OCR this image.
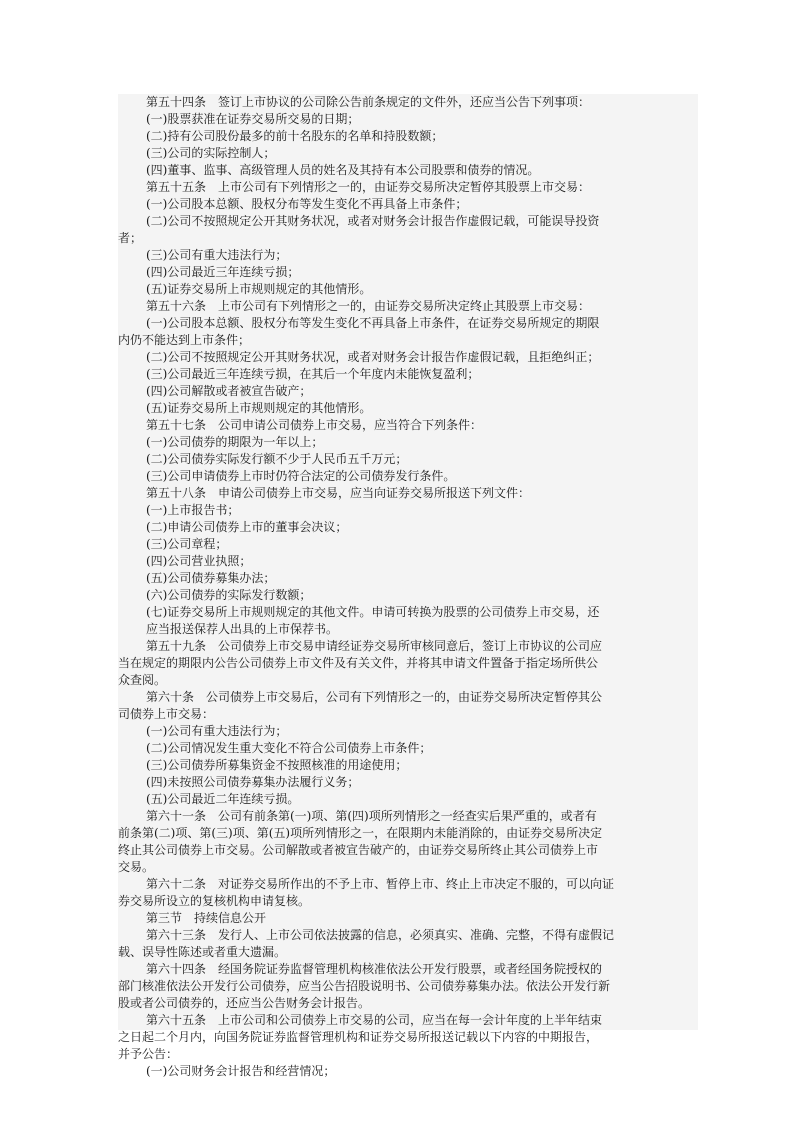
第五十四条　签订上市协议的公司除公告前条规定的文件外，还应当公告下列事项：
(一)股票获准在证券交易所交易的日期；
(二)持有公司股份最多的前十名股东的名单和持股数额；
(三)公司的实际控制人；
(四)董事、监事、高级管理人员的姓名及其持有本公司股票和债券的情况。
第五十五条　上市公司有下列情形之一的，由证券交易所决定暂停其股票上市交易：
(一)公司股本总额、股权分布等发生变化不再具备上市条件；
(二)公司不按照规定公开其财务状况，或者对财务会计报告作虚假记载，可能误导投资
者；
(三)公司有重大违法行为；
(四)公司最近三年连续亏损；
(五)证券交易所上市规则规定的其他情形。
第五十六条　上市公司有下列情形之一的，由证券交易所决定终止其股票上市交易：
(一)公司股本总额、股权分布等发生变化不再具备上市条件，在证券交易所规定的期限
内仍不能达到上市条件；
(二)公司不按照规定公开其财务状况，或者对财务会计报告作虚假记载，且拒绝纠正；
(三)公司最近三年连续亏损，在其后一个年度内未能恢复盈利；
(四)公司解散或者被宣告破产；
(五)证券交易所上市规则规定的其他情形。
第五十七条　公司申请公司债券上市交易，应当符合下列条件：
(一)公司债券的期限为一年以上；
(二)公司债券实际发行额不少于人民币五千万元；
(三)公司申请债券上市时仍符合法定的公司债券发行条件。
第五十八条　申请公司债券上市交易，应当向证券交易所报送下列文件：
(一)上市报告书；
(二)申请公司债券上市的董事会决议；
(三)公司章程；
(四)公司营业执照；
(五)公司债券募集办法；
(六)公司债券的实际发行数额；
(七)证券交易所上市规则规定的其他文件。申请可转换为股票的公司债券上市交易，还
应当报送保荐人出具的上市保荐书。
第五十九条　公司债券上市交易申请经证券交易所审核同意后，签订上市协议的公司应
当在规定的期限内公告公司债券上市文件及有关文件，并将其申请文件置备于指定场所供公
众查阅。
第六十条　公司债券上市交易后，公司有下列情形之一的，由证券交易所决定暂停其公
司债券上市交易：
(一)公司有重大违法行为；
(二)公司情况发生重大变化不符合公司债券上市条件；
(三)公司债券所募集资金不按照核准的用途使用；
(四)未按照公司债券募集办法履行义务；
(五)公司最近二年连续亏损。
第六十一条　公司有前条第(一)项、第(四)项所列情形之一经查实后果严重的，或者有
前条第(二)项、第(三)项、第(五)项所列情形之一，在限期内未能消除的，由证券交易所决定
终止其公司债券上市交易。公司解散或者被宣告破产的，由证券交易所终止其公司债券上市
交易。
第六十二条　对证券交易所作出的不予上市、暂停上市、终止上市决定不服的，可以向证
券交易所设立的复核机构申请复核。
第三节　持续信息公开
第六十三条　发行人、上市公司依法披露的信息，必须真实、准确、完整，不得有虚假记
载、误导性陈述或者重大遗漏。
第六十四条　经国务院证券监督管理机构核准依法公开发行股票，或者经国务院授权的
部门核准依法公开发行公司债券，应当公告招股说明书、公司债券募集办法。依法公开发行新
股或者公司债券的，还应当公告财务会计报告。
第六十五条　上市公司和公司债券上市交易的公司，应当在每一会计年度的上半年结束
之日起二个月内，向国务院证券监督管理机构和证券交易所报送记载以下内容的中期报告，
并予公告：
(一)公司财务会计报告和经营情况；
